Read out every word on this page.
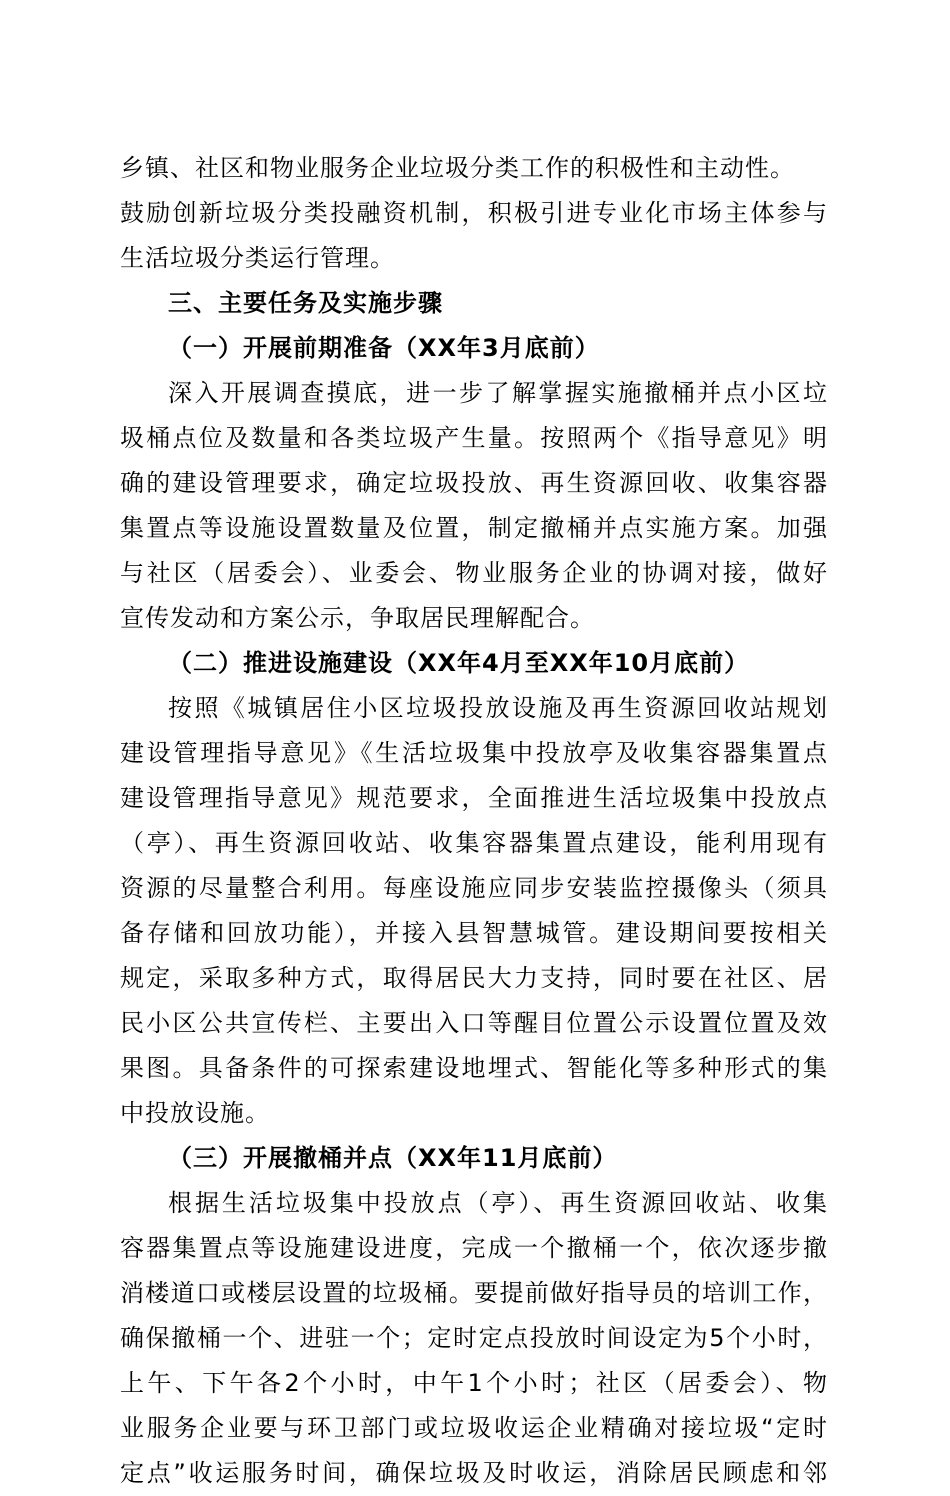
乡镇、社区和物业服务企业垃圾分类工作的积极性和主动性。
鼓励创新垃圾分类投融资机制，积极引进专业化市场主体参与
生活垃圾分类运行管理。
三、主要任务及实施步骤
（一）开展前期准备（XX年3月底前）
深入开展调查摸底，进一步了解掌握实施撤桶并点小区垃
圾桶点位及数量和各类垃圾产生量。按照两个《指导意见》明
确的建设管理要求，确定垃圾投放、再生资源回收、收集容器
集置点等设施设置数量及位置，制定撤桶并点实施方案。加强
与社区（居委会）、业委会、物业服务企业的协调对接，做好
宣传发动和方案公示，争取居民理解配合。
（二）推进设施建设（XX年4月至XX年10月底前）
按照《城镇居住小区垃圾投放设施及再生资源回收站规划
建设管理指导意见》《生活垃圾集中投放亭及收集容器集置点
建设管理指导意见》规范要求，全面推进生活垃圾集中投放点
（亭）、再生资源回收站、收集容器集置点建设，能利用现有
资源的尽量整合利用。每座设施应同步安装监控摄像头（须具
备存储和回放功能），并接入县智慧城管。建设期间要按相关
规定，采取多种方式，取得居民大力支持，同时要在社区、居
民小区公共宣传栏、主要出入口等醒目位置公示设置位置及效
果图。具备条件的可探索建设地埋式、智能化等多种形式的集
中投放设施。
（三）开展撤桶并点（XX年11月底前）
根据生活垃圾集中投放点（亭）、再生资源回收站、收集
容器集置点等设施建设进度，完成一个撤桶一个，依次逐步撤
消楼道口或楼层设置的垃圾桶。要提前做好指导员的培训工作，
确保撤桶一个、进驻一个；定时定点投放时间设定为5个小时，
上午、下午各2个小时，中午1个小时；社区（居委会）、物
业服务企业要与环卫部门或垃圾收运企业精确对接垃圾“定时
定点”收运服务时间，确保垃圾及时收运，消除居民顾虑和邻
